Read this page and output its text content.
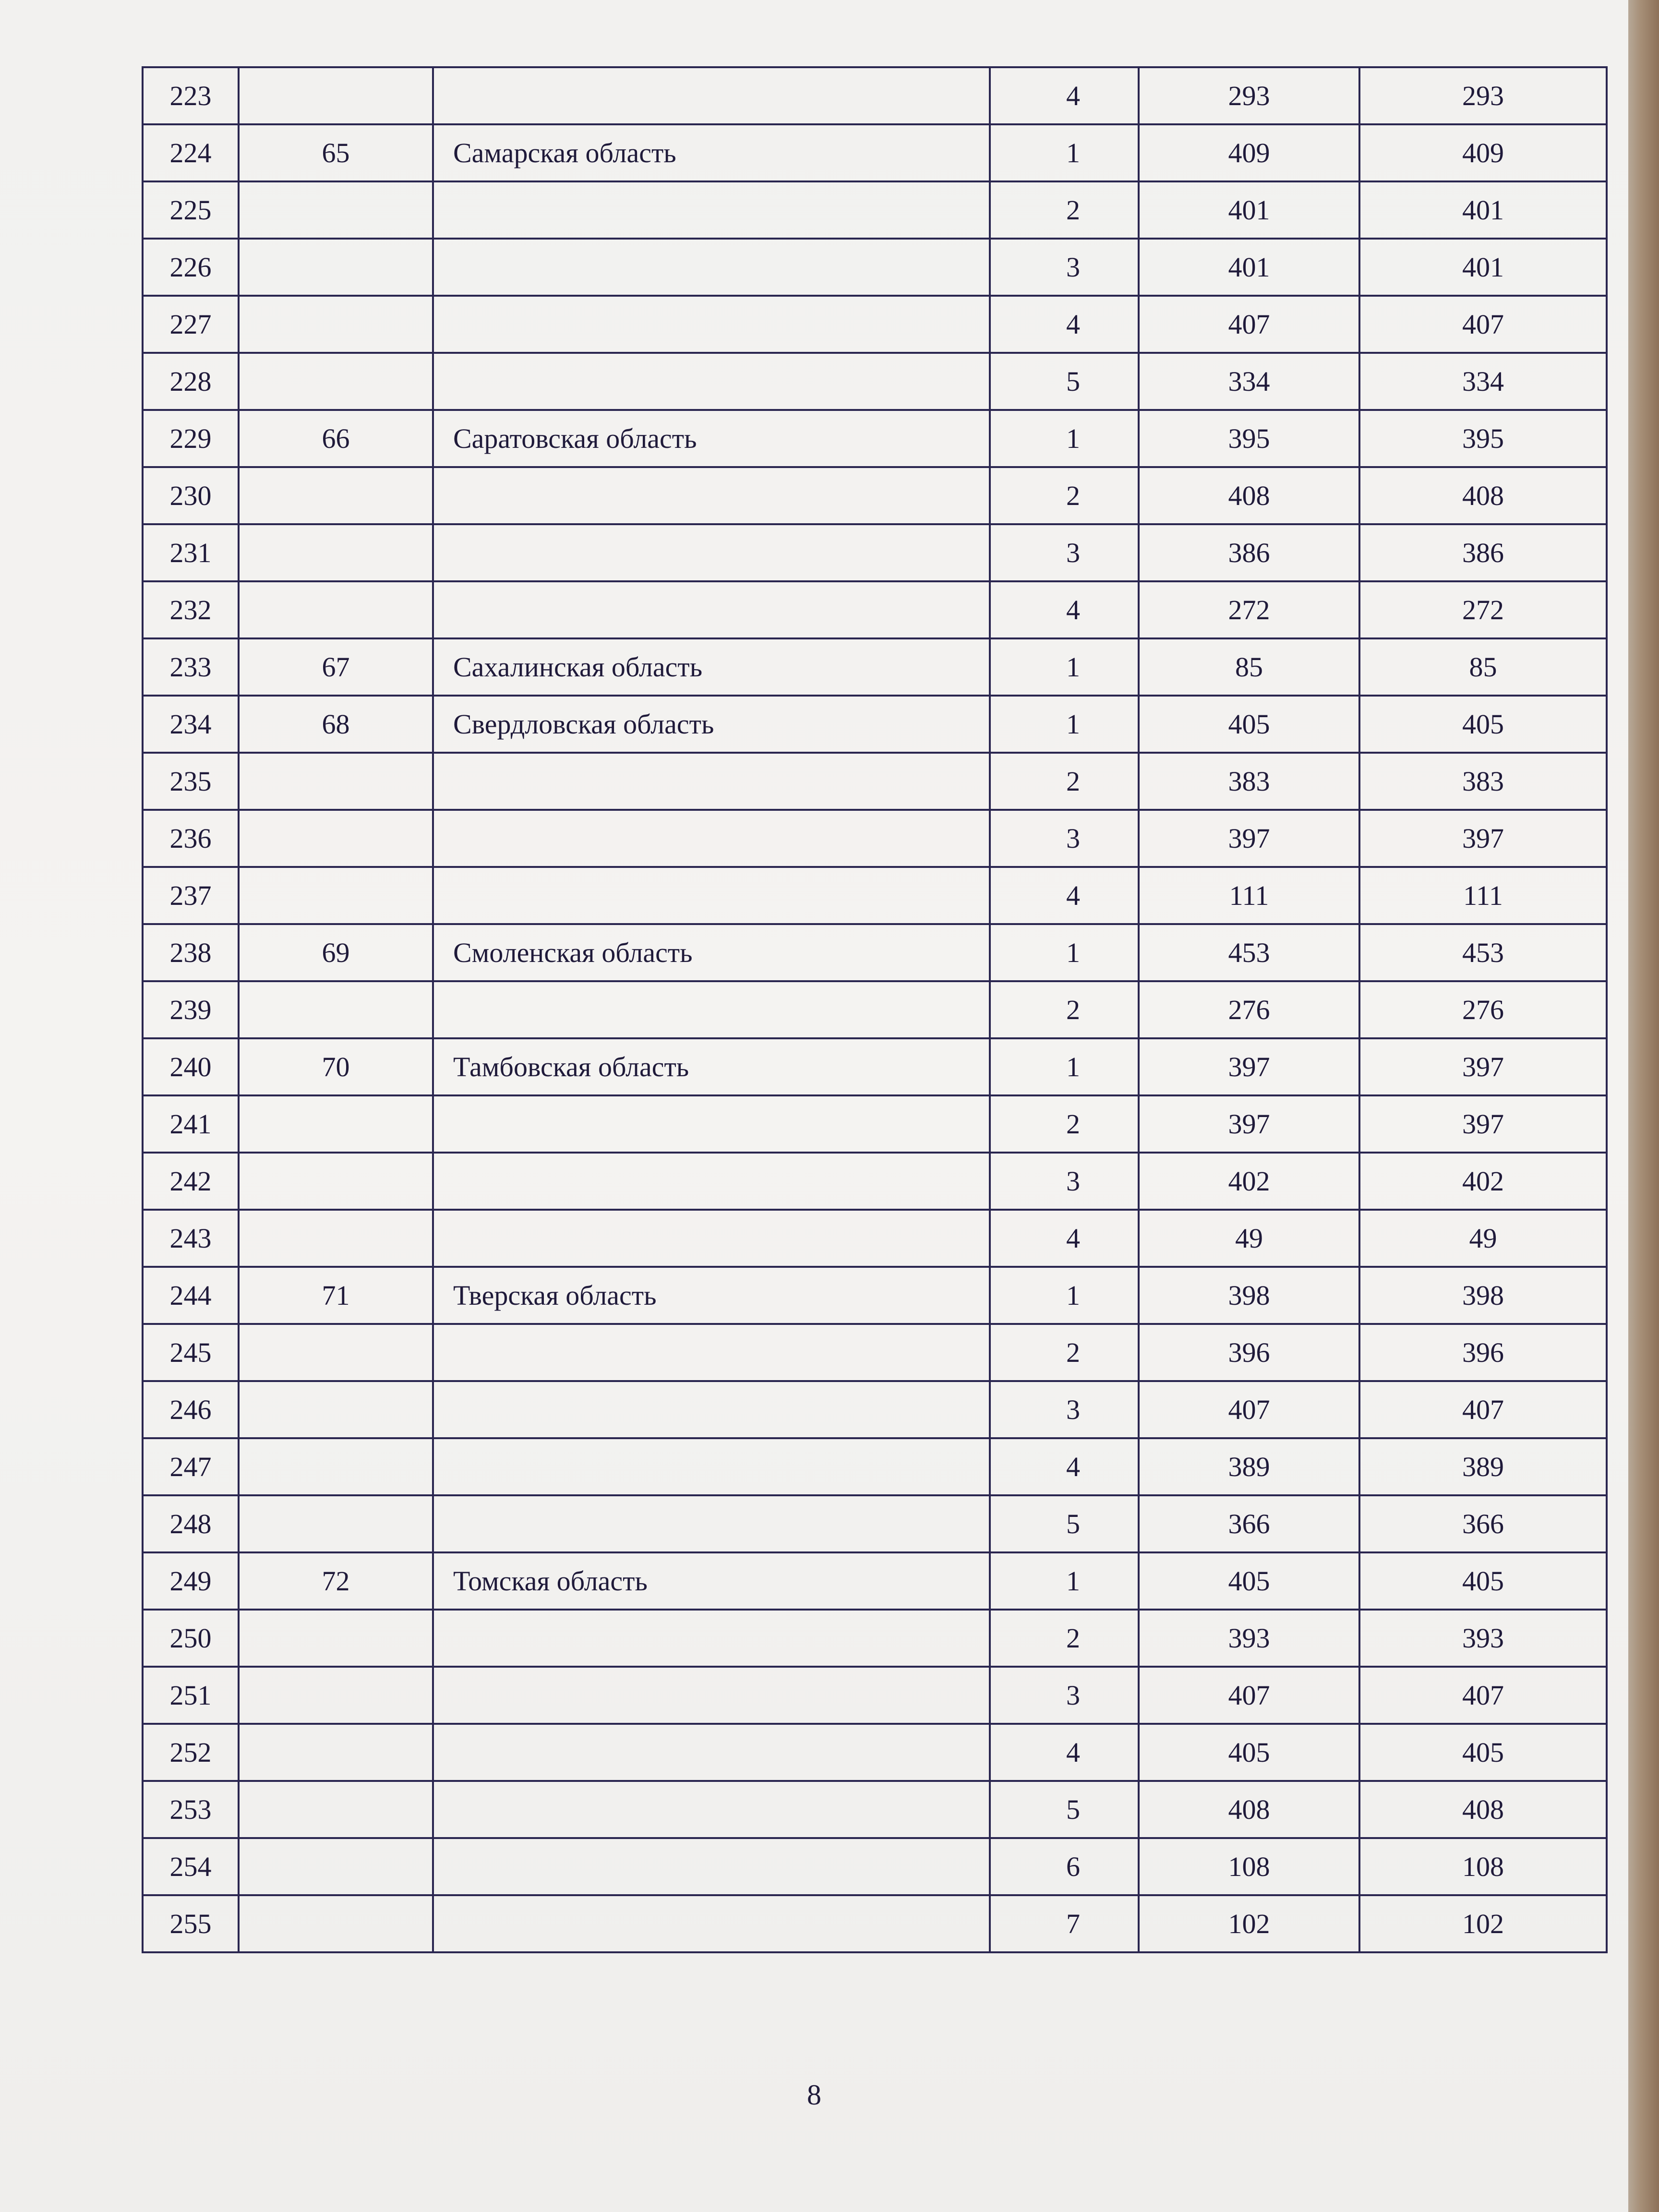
223			4	293	293
224	65	Самарская область	1	409	409
225			2	401	401
226			3	401	401
227			4	407	407
228			5	334	334
229	66	Саратовская область	1	395	395
230			2	408	408
231			3	386	386
232			4	272	272
233	67	Сахалинская область	1	85	85
234	68	Свердловская область	1	405	405
235			2	383	383
236			3	397	397
237			4	111	111
238	69	Смоленская область	1	453	453
239			2	276	276
240	70	Тамбовская область	1	397	397
241			2	397	397
242			3	402	402
243			4	49	49
244	71	Тверская область	1	398	398
245			2	396	396
246			3	407	407
247			4	389	389
248			5	366	366
249	72	Томская область	1	405	405
250			2	393	393
251			3	407	407
252			4	405	405
253			5	408	408
254			6	108	108
255			7	102	102
8
